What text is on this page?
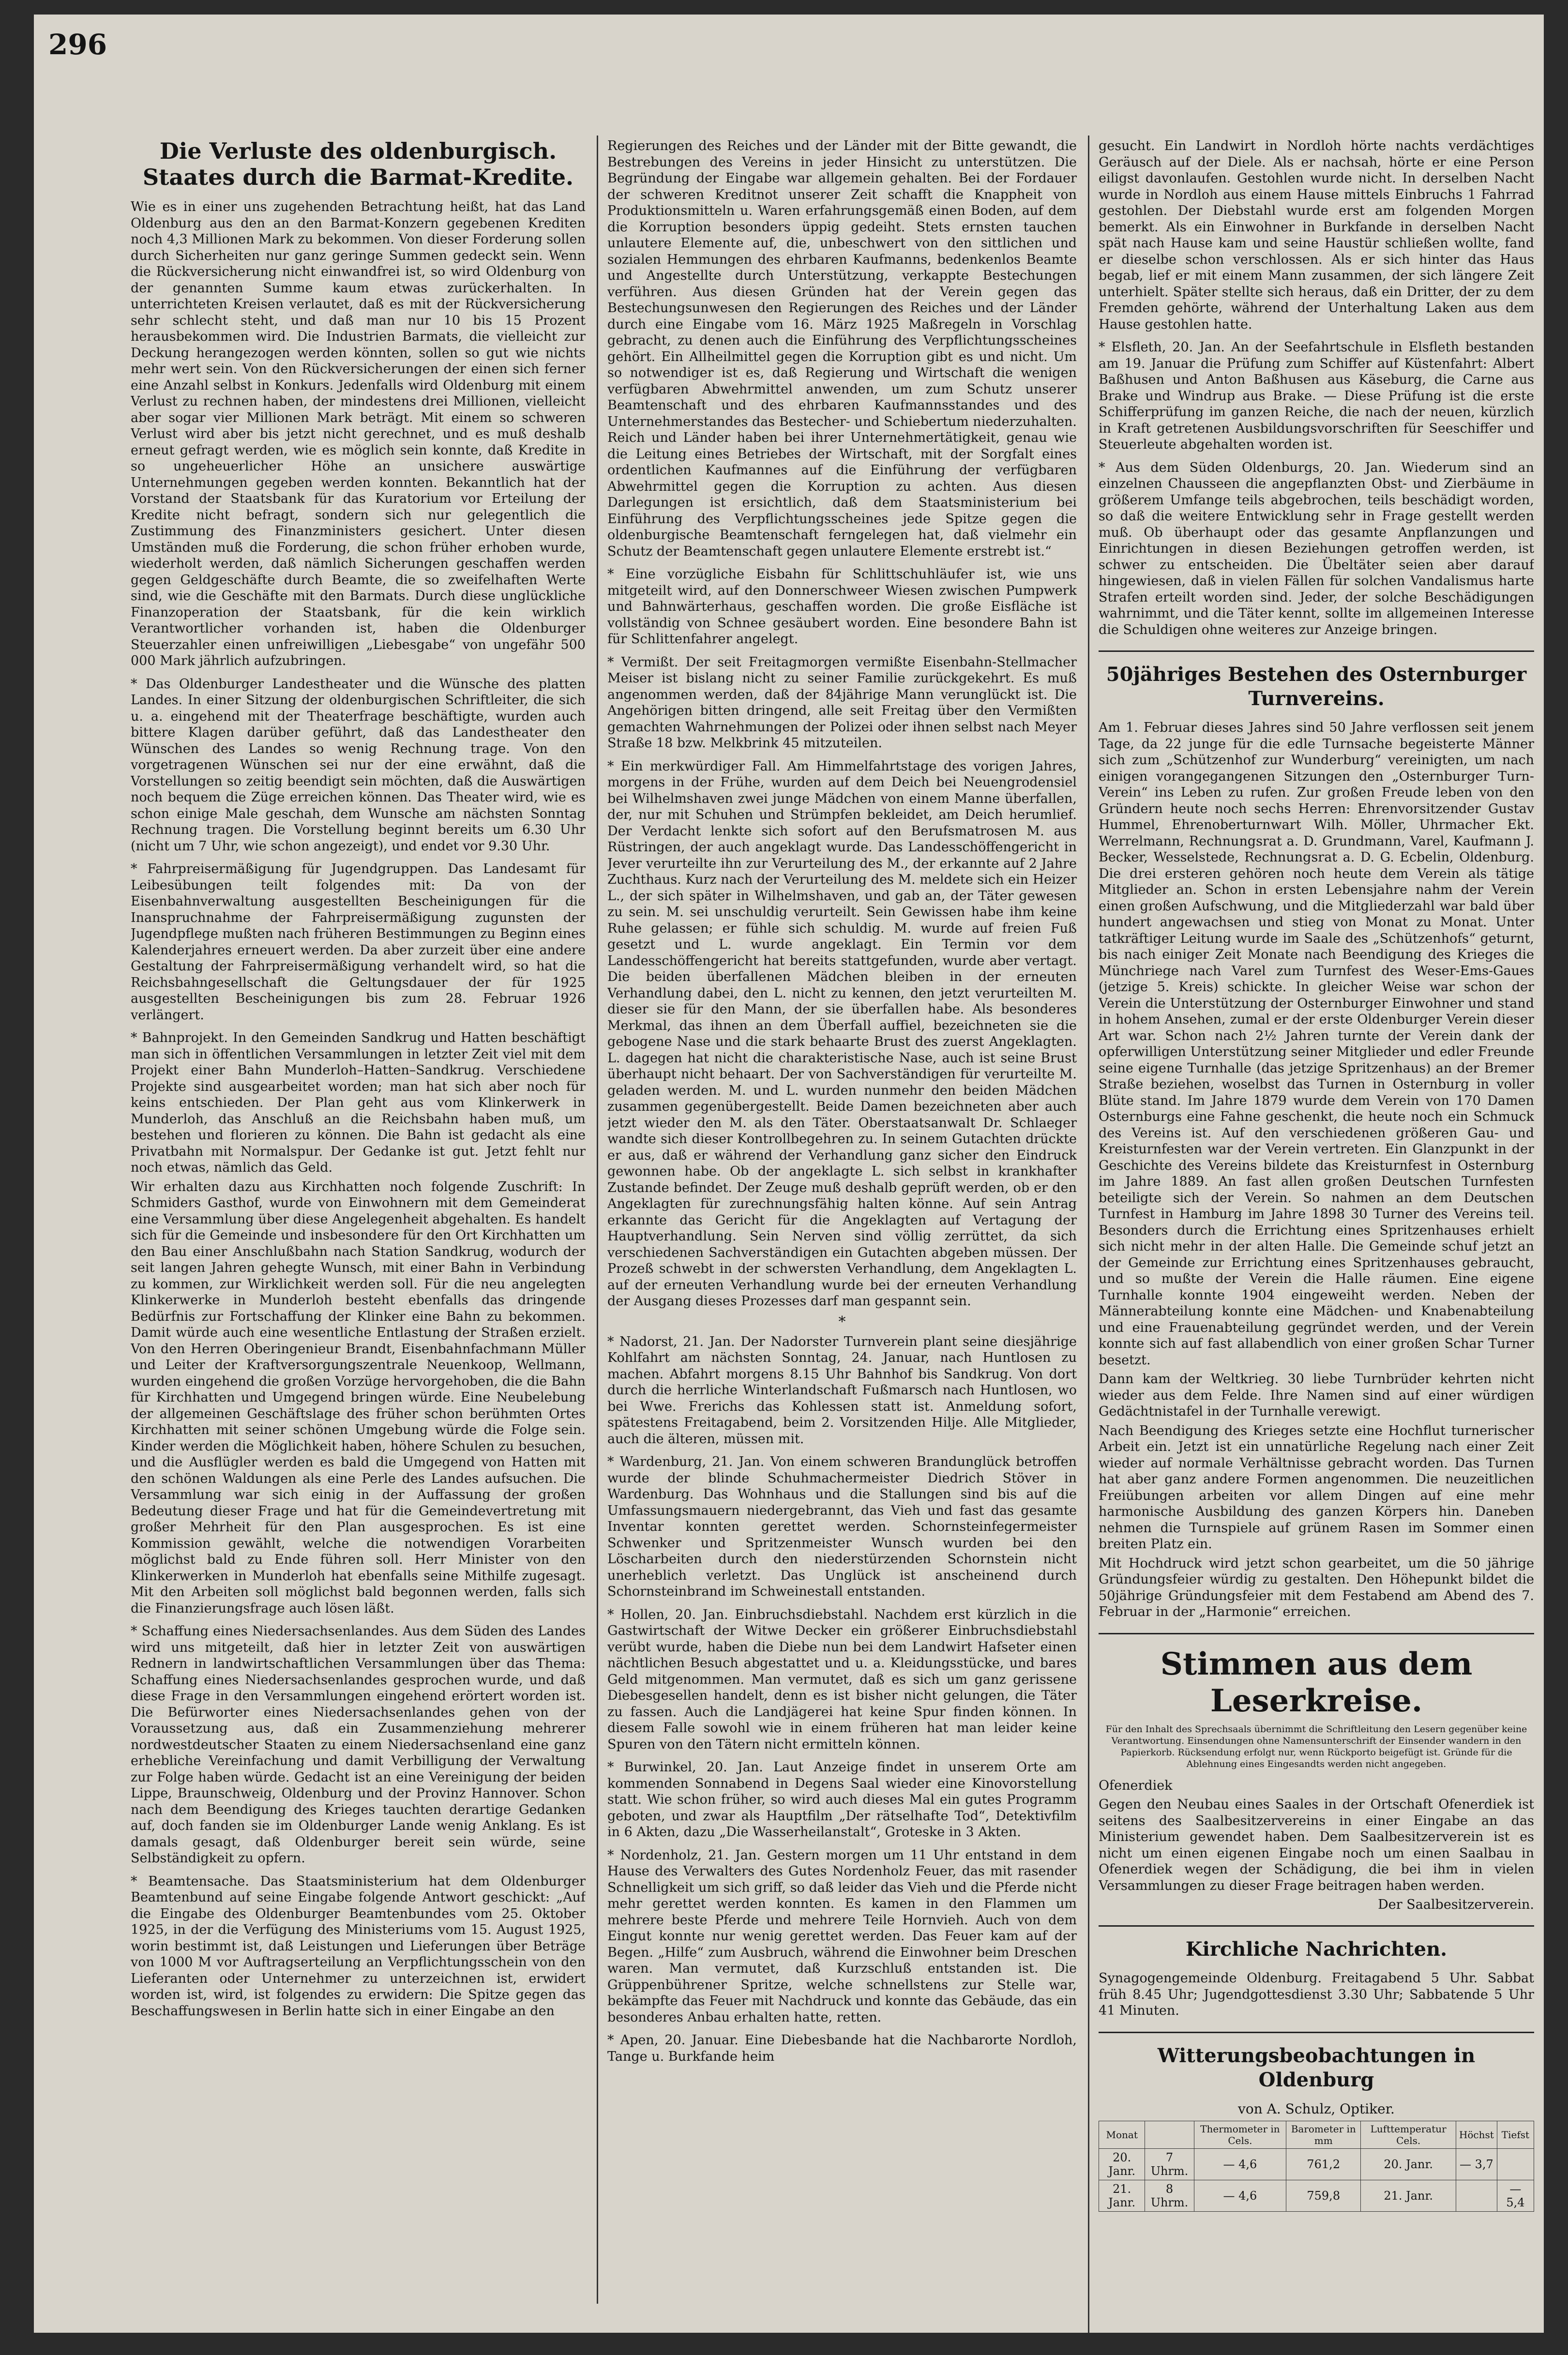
296
Die Verluste des oldenburgisch. Staates durch die Barmat-Kredite.

Wie es in einer uns zugehenden Betrachtung heißt, hat das Land Oldenburg aus den an den Barmat-Konzern gegebenen Krediten noch 4,3 Millionen Mark zu bekommen. Von dieser Forderung sollen durch Sicherheiten nur ganz geringe Summen gedeckt sein. Wenn die Rückversicherung nicht einwandfrei ist, so wird Oldenburg von der genannten Summe kaum etwas zurückerhalten. In unterrichteten Kreisen verlautet, daß es mit der Rückversicherung sehr schlecht steht, und daß man nur 10 bis 15 Prozent herausbekommen wird. Die Industrien Barmats, die vielleicht zur Deckung herangezogen werden könnten, sollen so gut wie nichts mehr wert sein. Von den Rückversicherungen der einen sich ferner eine Anzahl selbst in Konkurs. Jedenfalls wird Oldenburg mit einem Verlust zu rechnen haben, der mindestens drei Millionen, vielleicht aber sogar vier Millionen Mark beträgt. Mit einem so schweren Verlust wird aber bis jetzt nicht gerechnet, und es muß deshalb erneut gefragt werden, wie es möglich sein konnte, daß Kredite in so ungeheuerlicher Höhe an unsichere auswärtige Unternehmungen gegeben werden konnten. Bekanntlich hat der Vorstand der Staatsbank für das Kuratorium vor Erteilung der Kredite nicht befragt, sondern sich nur gelegentlich die Zustimmung des Finanzministers gesichert. Unter diesen Umständen muß die Forderung, die schon früher erhoben wurde, wiederholt werden, daß nämlich Sicherungen geschaffen werden gegen Geldgeschäfte durch Beamte, die so zweifelhaften Werte sind, wie die Geschäfte mit den Barmats. Durch diese unglückliche Finanzoperation der Staatsbank, für die kein wirklich Verantwortlicher vorhanden ist, haben die Oldenburger Steuerzahler einen unfreiwilligen „Liebesgabe“ von ungefähr 500 000 Mark jährlich aufzubringen.

* Das Oldenburger Landestheater und die Wünsche des platten Landes. In einer Sitzung der oldenburgischen Schriftleiter, die sich u. a. eingehend mit der Theaterfrage beschäftigte, wurden auch bittere Klagen darüber geführt, daß das Landestheater den Wünschen des Landes so wenig Rechnung trage. Von den vorgetragenen Wünschen sei nur der eine erwähnt, daß die Vorstellungen so zeitig beendigt sein möchten, daß die Auswärtigen noch bequem die Züge erreichen können. Das Theater wird, wie es schon einige Male geschah, dem Wunsche am nächsten Sonntag Rechnung tragen. Die Vorstellung beginnt bereits um 6.30 Uhr (nicht um 7 Uhr, wie schon angezeigt), und endet vor 9.30 Uhr.

* Fahrpreisermäßigung für Jugendgruppen. Das Landesamt für Leibesübungen teilt folgendes mit: Da von der Eisenbahnverwaltung ausgestellten Bescheinigungen für die Inanspruchnahme der Fahrpreisermäßigung zugunsten der Jugendpflege mußten nach früheren Bestimmungen zu Beginn eines Kalenderjahres erneuert werden. Da aber zurzeit über eine andere Gestaltung der Fahrpreisermäßigung verhandelt wird, so hat die Reichsbahngesellschaft die Geltungsdauer der für 1925 ausgestellten Bescheinigungen bis zum 28. Februar 1926 verlängert.

* Bahnprojekt. In den Gemeinden Sandkrug und Hatten beschäftigt man sich in öffentlichen Versammlungen in letzter Zeit viel mit dem Projekt einer Bahn Munderloh–Hatten–Sandkrug. Verschiedene Projekte sind ausgearbeitet worden; man hat sich aber noch für keins entschieden. Der Plan geht aus vom Klinkerwerk in Munderloh, das Anschluß an die Reichsbahn haben muß, um bestehen und florieren zu können. Die Bahn ist gedacht als eine Privatbahn mit Normalspur. Der Gedanke ist gut. Jetzt fehlt nur noch etwas, nämlich das Geld.

Wir erhalten dazu aus Kirchhatten noch folgende Zuschrift: In Schmiders Gasthof, wurde von Einwohnern mit dem Gemeinderat eine Versammlung über diese Angelegenheit abgehalten. Es handelt sich für die Gemeinde und insbesondere für den Ort Kirchhatten um den Bau einer Anschlußbahn nach Station Sandkrug, wodurch der seit langen Jahren gehegte Wunsch, mit einer Bahn in Verbindung zu kommen, zur Wirklichkeit werden soll. Für die neu angelegten Klinkerwerke in Munderloh besteht ebenfalls das dringende Bedürfnis zur Fortschaffung der Klinker eine Bahn zu bekommen. Damit würde auch eine wesentliche Entlastung der Straßen erzielt. Von den Herren Oberingenieur Brandt, Eisenbahnfachmann Müller und Leiter der Kraftversorgungszentrale Neuenkoop, Wellmann, wurden eingehend die großen Vorzüge hervorgehoben, die die Bahn für Kirchhatten und Umgegend bringen würde. Eine Neubelebung der allgemeinen Geschäftslage des früher schon berühmten Ortes Kirchhatten mit seiner schönen Umgebung würde die Folge sein. Kinder werden die Möglichkeit haben, höhere Schulen zu besuchen, und die Ausflügler werden es bald die Umgegend von Hatten mit den schönen Waldungen als eine Perle des Landes aufsuchen. Die Versammlung war sich einig in der Auffassung der großen Bedeutung dieser Frage und hat für die Gemeindevertretung mit großer Mehrheit für den Plan ausgesprochen. Es ist eine Kommission gewählt, welche die notwendigen Vorarbeiten möglichst bald zu Ende führen soll. Herr Minister von den Klinkerwerken in Munderloh hat ebenfalls seine Mithilfe zugesagt. Mit den Arbeiten soll möglichst bald begonnen werden, falls sich die Finanzierungsfrage auch lösen läßt.

* Schaffung eines Niedersachsenlandes. Aus dem Süden des Landes wird uns mitgeteilt, daß hier in letzter Zeit von auswärtigen Rednern in landwirtschaftlichen Versammlungen über das Thema: Schaffung eines Niedersachsenlandes gesprochen wurde, und daß diese Frage in den Versammlungen eingehend erörtert worden ist. Die Befürworter eines Niedersachsenlandes gehen von der Voraussetzung aus, daß ein Zusammenziehung mehrerer nordwestdeutscher Staaten zu einem Niedersachsenland eine ganz erhebliche Vereinfachung und damit Verbilligung der Verwaltung zur Folge haben würde. Gedacht ist an eine Vereinigung der beiden Lippe, Braunschweig, Oldenburg und der Provinz Hannover. Schon nach dem Beendigung des Krieges tauchten derartige Gedanken auf, doch fanden sie im Oldenburger Lande wenig Anklang. Es ist damals gesagt, daß Oldenburger bereit sein würde, seine Selbständigkeit zu opfern.

* Beamtensache. Das Staatsministerium hat dem Oldenburger Beamtenbund auf seine Eingabe folgende Antwort geschickt: „Auf die Eingabe des Oldenburger Beamtenbundes vom 25. Oktober 1925, in der die Verfügung des Ministeriums vom 15. August 1925, worin bestimmt ist, daß Leistungen und Lieferungen über Beträge von 1000 M vor Auftragserteilung an Verpflichtungsschein von den Lieferanten oder Unternehmer zu unterzeichnen ist, erwidert worden ist, wird, ist folgendes zu erwidern: Die Spitze gegen das Beschaffungswesen in Berlin hatte sich in einer Eingabe an den

Regierungen des Reiches und der Länder mit der Bitte gewandt, die Bestrebungen des Vereins in jeder Hinsicht zu unterstützen. Die Begründung der Eingabe war allgemein gehalten. Bei der Fordauer der schweren Kreditnot unserer Zeit schafft die Knappheit von Produktionsmitteln u. Waren erfahrungsgemäß einen Boden, auf dem die Korruption besonders üppig gedeiht. Stets ernsten tauchen unlautere Elemente auf, die, unbeschwert von den sittlichen und sozialen Hemmungen des ehrbaren Kaufmanns, bedenkenlos Beamte und Angestellte durch Unterstützung, verkappte Bestechungen verführen. Aus diesen Gründen hat der Verein gegen das Bestechungsunwesen den Regierungen des Reiches und der Länder durch eine Eingabe vom 16. März 1925 Maßregeln in Vorschlag gebracht, zu denen auch die Einführung des Verpflichtungsscheines gehört. Ein Allheilmittel gegen die Korruption gibt es und nicht. Um so notwendiger ist es, daß Regierung und Wirtschaft die wenigen verfügbaren Abwehrmittel anwenden, um zum Schutz unserer Beamtenschaft und des ehrbaren Kaufmannsstandes und des Unternehmerstandes das Bestecher- und Schiebertum niederzuhalten. Reich und Länder haben bei ihrer Unternehmertätigkeit, genau wie die Leitung eines Betriebes der Wirtschaft, mit der Sorgfalt eines ordentlichen Kaufmannes auf die Einführung der verfügbaren Abwehrmittel gegen die Korruption zu achten. Aus diesen Darlegungen ist ersichtlich, daß dem Staatsministerium bei Einführung des Verpflichtungsscheines jede Spitze gegen die oldenburgische Beamtenschaft ferngelegen hat, daß vielmehr ein Schutz der Beamtenschaft gegen unlautere Elemente erstrebt ist.“

* Eine vorzügliche Eisbahn für Schlittschuhläufer ist, wie uns mitgeteilt wird, auf den Donnerschweer Wiesen zwischen Pumpwerk und Bahnwärterhaus, geschaffen worden. Die große Eisfläche ist vollständig von Schnee gesäubert worden. Eine besondere Bahn ist für Schlittenfahrer angelegt.

* Vermißt. Der seit Freitagmorgen vermißte Eisenbahn-Stellmacher Meiser ist bislang nicht zu seiner Familie zurückgekehrt. Es muß angenommen werden, daß der 84jährige Mann verunglückt ist. Die Angehörigen bitten dringend, alle seit Freitag über den Vermißten gemachten Wahrnehmungen der Polizei oder ihnen selbst nach Meyer Straße 18 bzw. Melkbrink 45 mitzuteilen.

* Ein merkwürdiger Fall. Am Himmelfahrtstage des vorigen Jahres, morgens in der Frühe, wurden auf dem Deich bei Neuengrodensiel bei Wilhelmshaven zwei junge Mädchen von einem Manne überfallen, der, nur mit Schuhen und Strümpfen bekleidet, am Deich herumlief. Der Verdacht lenkte sich sofort auf den Berufsmatrosen M. aus Rüstringen, der auch angeklagt wurde. Das Landesschöffengericht in Jever verurteilte ihn zur Verurteilung des M., der erkannte auf 2 Jahre Zuchthaus. Kurz nach der Verurteilung des M. meldete sich ein Heizer L., der sich später in Wilhelmshaven, und gab an, der Täter gewesen zu sein. M. sei unschuldig verurteilt. Sein Gewissen habe ihm keine Ruhe gelassen; er fühle sich schuldig. M. wurde auf freien Fuß gesetzt und L. wurde angeklagt. Ein Termin vor dem Landesschöffengericht hat bereits stattgefunden, wurde aber vertagt. Die beiden überfallenen Mädchen bleiben in der erneuten Verhandlung dabei, den L. nicht zu kennen, den jetzt verurteilten M. dieser sie für den Mann, der sie überfallen habe. Als besonderes Merkmal, das ihnen an dem Überfall auffiel, bezeichneten sie die gebogene Nase und die stark behaarte Brust des zuerst Angeklagten. L. dagegen hat nicht die charakteristische Nase, auch ist seine Brust überhaupt nicht behaart. Der von Sachverständigen für verurteilte M. geladen werden. M. und L. wurden nunmehr den beiden Mädchen zusammen gegenübergestellt. Beide Damen bezeichneten aber auch jetzt wieder den M. als den Täter. Oberstaatsanwalt Dr. Schlaeger wandte sich dieser Kontrollbegehren zu. In seinem Gutachten drückte er aus, daß er während der Verhandlung ganz sicher den Eindruck gewonnen habe. Ob der angeklagte L. sich selbst in krankhafter Zustande befindet. Der Zeuge muß deshalb geprüft werden, ob er den Angeklagten für zurechnungsfähig halten könne. Auf sein Antrag erkannte das Gericht für die Angeklagten auf Vertagung der Hauptverhandlung. Sein Nerven sind völlig zerrüttet, da sich verschiedenen Sachverständigen ein Gutachten abgeben müssen. Der Prozeß schwebt in der schwersten Verhandlung, dem Angeklagten L. auf der erneuten Verhandlung wurde bei der erneuten Verhandlung der Ausgang dieses Prozesses darf man gespannt sein.

*

* Nadorst, 21. Jan. Der Nadorster Turnverein plant seine diesjährige Kohlfahrt am nächsten Sonntag, 24. Januar, nach Huntlosen zu machen. Abfahrt morgens 8.15 Uhr Bahnhof bis Sandkrug. Von dort durch die herrliche Winterlandschaft Fußmarsch nach Huntlosen, wo bei Wwe. Frerichs das Kohlessen statt ist. Anmeldung sofort, spätestens Freitagabend, beim 2. Vorsitzenden Hilje. Alle Mitglieder, auch die älteren, müssen mit.

* Wardenburg, 21. Jan. Von einem schweren Brandunglück betroffen wurde der blinde Schuhmachermeister Diedrich Stöver in Wardenburg. Das Wohnhaus und die Stallungen sind bis auf die Umfassungsmauern niedergebrannt, das Vieh und fast das gesamte Inventar konnten gerettet werden. Schornsteinfegermeister Schwenker und Spritzenmeister Wunsch wurden bei den Löscharbeiten durch den niederstürzenden Schornstein nicht unerheblich verletzt. Das Unglück ist anscheinend durch Schornsteinbrand im Schweinestall entstanden.

* Hollen, 20. Jan. Einbruchsdiebstahl. Nachdem erst kürzlich in die Gastwirtschaft der Witwe Decker ein größerer Einbruchsdiebstahl verübt wurde, haben die Diebe nun bei dem Landwirt Hafseter einen nächtlichen Besuch abgestattet und u. a. Kleidungsstücke, und bares Geld mitgenommen. Man vermutet, daß es sich um ganz gerissene Diebesgesellen handelt, denn es ist bisher nicht gelungen, die Täter zu fassen. Auch die Landjägerei hat keine Spur finden können. In diesem Falle sowohl wie in einem früheren hat man leider keine Spuren von den Tätern nicht ermitteln können.

* Burwinkel, 20. Jan. Laut Anzeige findet in unserem Orte am kommenden Sonnabend in Degens Saal wieder eine Kinovorstellung statt. Wie schon früher, so wird auch dieses Mal ein gutes Programm geboten, und zwar als Hauptfilm „Der rätselhafte Tod“, Detektivfilm in 6 Akten, dazu „Die Wasserheilanstalt“, Groteske in 3 Akten.

* Nordenholz, 21. Jan. Gestern morgen um 11 Uhr entstand in dem Hause des Verwalters des Gutes Nordenholz Feuer, das mit rasender Schnelligkeit um sich griff, so daß leider das Vieh und die Pferde nicht mehr gerettet werden konnten. Es kamen in den Flammen um mehrere beste Pferde und mehrere Teile Hornvieh. Auch von dem Eingut konnte nur wenig gerettet werden. Das Feuer kam auf der Begen. „Hilfe“ zum Ausbruch, während die Einwohner beim Dreschen waren. Man vermutet, daß Kurzschluß entstanden ist. Die Grüppenbührener Spritze, welche schnellstens zur Stelle war, bekämpfte das Feuer mit Nachdruck und konnte das Gebäude, das ein besonderes Anbau erhalten hatte, retten.

* Apen, 20. Januar. Eine Diebesbande hat die Nachbarorte Nordloh, Tange u. Burkfande heim

gesucht. Ein Landwirt in Nordloh hörte nachts verdächtiges Geräusch auf der Diele. Als er nachsah, hörte er eine Person eiligst davonlaufen. Gestohlen wurde nicht. In derselben Nacht wurde in Nordloh aus einem Hause mittels Einbruchs 1 Fahrrad gestohlen. Der Diebstahl wurde erst am folgenden Morgen bemerkt. Als ein Einwohner in Burkfande in derselben Nacht spät nach Hause kam und seine Haustür schließen wollte, fand er dieselbe schon verschlossen. Als er sich hinter das Haus begab, lief er mit einem Mann zusammen, der sich längere Zeit unterhielt. Später stellte sich heraus, daß ein Dritter, der zu dem Fremden gehörte, während der Unterhaltung Laken aus dem Hause gestohlen hatte.

* Elsfleth, 20. Jan. An der Seefahrtschule in Elsfleth bestanden am 19. Januar die Prüfung zum Schiffer auf Küstenfahrt: Albert Baßhusen und Anton Baßhusen aus Käseburg, die Carne aus Brake und Windrup aus Brake. — Diese Prüfung ist die erste Schifferprüfung im ganzen Reiche, die nach der neuen, kürzlich in Kraft getretenen Ausbildungsvorschriften für Seeschiffer und Steuerleute abgehalten worden ist.

* Aus dem Süden Oldenburgs, 20. Jan. Wiederum sind an einzelnen Chausseen die angepflanzten Obst- und Zierbäume in größerem Umfange teils abgebrochen, teils beschädigt worden, so daß die weitere Entwicklung sehr in Frage gestellt werden muß. Ob überhaupt oder das gesamte Anpflanzungen und Einrichtungen in diesen Beziehungen getroffen werden, ist schwer zu entscheiden. Die Übeltäter seien aber darauf hingewiesen, daß in vielen Fällen für solchen Vandalismus harte Strafen erteilt worden sind. Jeder, der solche Beschädigungen wahrnimmt, und die Täter kennt, sollte im allgemeinen Interesse die Schuldigen ohne weiteres zur Anzeige bringen.

50jähriges Bestehen des Osternburger Turnvereins.

Am 1. Februar dieses Jahres sind 50 Jahre verflossen seit jenem Tage, da 22 junge für die edle Turnsache begeisterte Männer sich zum „Schützenhof zur Wunderburg“ vereinigten, um nach einigen vorangegangenen Sitzungen den „Osternburger Turn-Verein“ ins Leben zu rufen. Zur großen Freude leben von den Gründern heute noch sechs Herren: Ehrenvorsitzender Gustav Hummel, Ehrenoberturnwart Wilh. Möller, Uhrmacher Ekt. Werrelmann, Rechnungsrat a. D. Grundmann, Varel, Kaufmann J. Becker, Wesselstede, Rechnungsrat a. D. G. Ecbelin, Oldenburg. Die drei ersteren gehören noch heute dem Verein als tätige Mitglieder an. Schon in ersten Lebensjahre nahm der Verein einen großen Aufschwung, und die Mitgliederzahl war bald über hundert angewachsen und stieg von Monat zu Monat. Unter tatkräftiger Leitung wurde im Saale des „Schützenhofs“ geturnt, bis nach einiger Zeit Monate nach Beendigung des Krieges die Münchriege nach Varel zum Turnfest des Weser-Ems-Gaues (jetzige 5. Kreis) schickte. In gleicher Weise war schon der Verein die Unterstützung der Osternburger Einwohner und stand in hohem Ansehen, zumal er der erste Oldenburger Verein dieser Art war. Schon nach 2½ Jahren turnte der Verein dank der opferwilligen Unterstützung seiner Mitglieder und edler Freunde seine eigene Turnhalle (das jetzige Spritzenhaus) an der Bremer Straße beziehen, woselbst das Turnen in Osternburg in voller Blüte stand. Im Jahre 1879 wurde dem Verein von 170 Damen Osternburgs eine Fahne geschenkt, die heute noch ein Schmuck des Vereins ist. Auf den verschiedenen größeren Gau- und Kreisturnfesten war der Verein vertreten. Ein Glanzpunkt in der Geschichte des Vereins bildete das Kreisturnfest in Osternburg im Jahre 1889. An fast allen großen Deutschen Turnfesten beteiligte sich der Verein. So nahmen an dem Deutschen Turnfest in Hamburg im Jahre 1898 30 Turner des Vereins teil. Besonders durch die Errichtung eines Spritzenhauses erhielt sich nicht mehr in der alten Halle. Die Gemeinde schuf jetzt an der Gemeinde zur Errichtung eines Spritzenhauses gebraucht, und so mußte der Verein die Halle räumen. Eine eigene Turnhalle konnte 1904 eingeweiht werden. Neben der Männerabteilung konnte eine Mädchen- und Knabenabteilung und eine Frauenabteilung gegründet werden, und der Verein konnte sich auf fast allabendlich von einer großen Schar Turner besetzt.

Dann kam der Weltkrieg. 30 liebe Turnbrüder kehrten nicht wieder aus dem Felde. Ihre Namen sind auf einer würdigen Gedächtnistafel in der Turnhalle verewigt.

Nach Beendigung des Krieges setzte eine Hochflut turnerischer Arbeit ein. Jetzt ist ein unnatürliche Regelung nach einer Zeit wieder auf normale Verhältnisse gebracht worden. Das Turnen hat aber ganz andere Formen angenommen. Die neuzeitlichen Freiübungen arbeiten vor allem Dingen auf eine mehr harmonische Ausbildung des ganzen Körpers hin. Daneben nehmen die Turnspiele auf grünem Rasen im Sommer einen breiten Platz ein.

Mit Hochdruck wird jetzt schon gearbeitet, um die 50 jährige Gründungsfeier würdig zu gestalten. Den Höhepunkt bildet die 50jährige Gründungsfeier mit dem Festabend am Abend des 7. Februar in der „Harmonie“ erreichen.

Stimmen aus dem Leserkreise.
Für den Inhalt des Sprechsaals übernimmt die Schriftleitung den Lesern gegenüber keine Verantwortung. Einsendungen ohne Namensunterschrift der Einsender wandern in den Papierkorb. Rücksendung erfolgt nur, wenn Rückporto beigefügt ist. Gründe für die Ablehnung eines Eingesandts werden nicht angegeben.

Ofenerdiek

Gegen den Neubau eines Saales in der Ortschaft Ofenerdiek ist seitens des Saalbesitzervereins in einer Eingabe an das Ministerium gewendet haben. Dem Saalbesitzerverein ist es nicht um einen eigenen Eingabe noch um einen Saalbau in Ofenerdiek wegen der Schädigung, die bei ihm in vielen Versammlungen zu dieser Frage beitragen haben werden.

Der Saalbesitzerverein.
Kirchliche Nachrichten.

Synagogengemeinde Oldenburg. Freitagabend 5 Uhr. Sabbat früh 8.45 Uhr; Jugendgottesdienst 3.30 Uhr; Sabbatende 5 Uhr 41 Minuten.

Witterungsbeobachtungen in Oldenburg
von A. Schulz, Optiker.
Monat		Thermometer in Cels.	Barometer in mm	Lufttemperatur Cels.	Höchst	Tiefst
20. Janr.	7 Uhrm.	— 4,6	761,2	20. Janr.	— 3,7	
21. Janr.	8 Uhrm.	— 4,6	759,8	21. Janr.		— 5,4
